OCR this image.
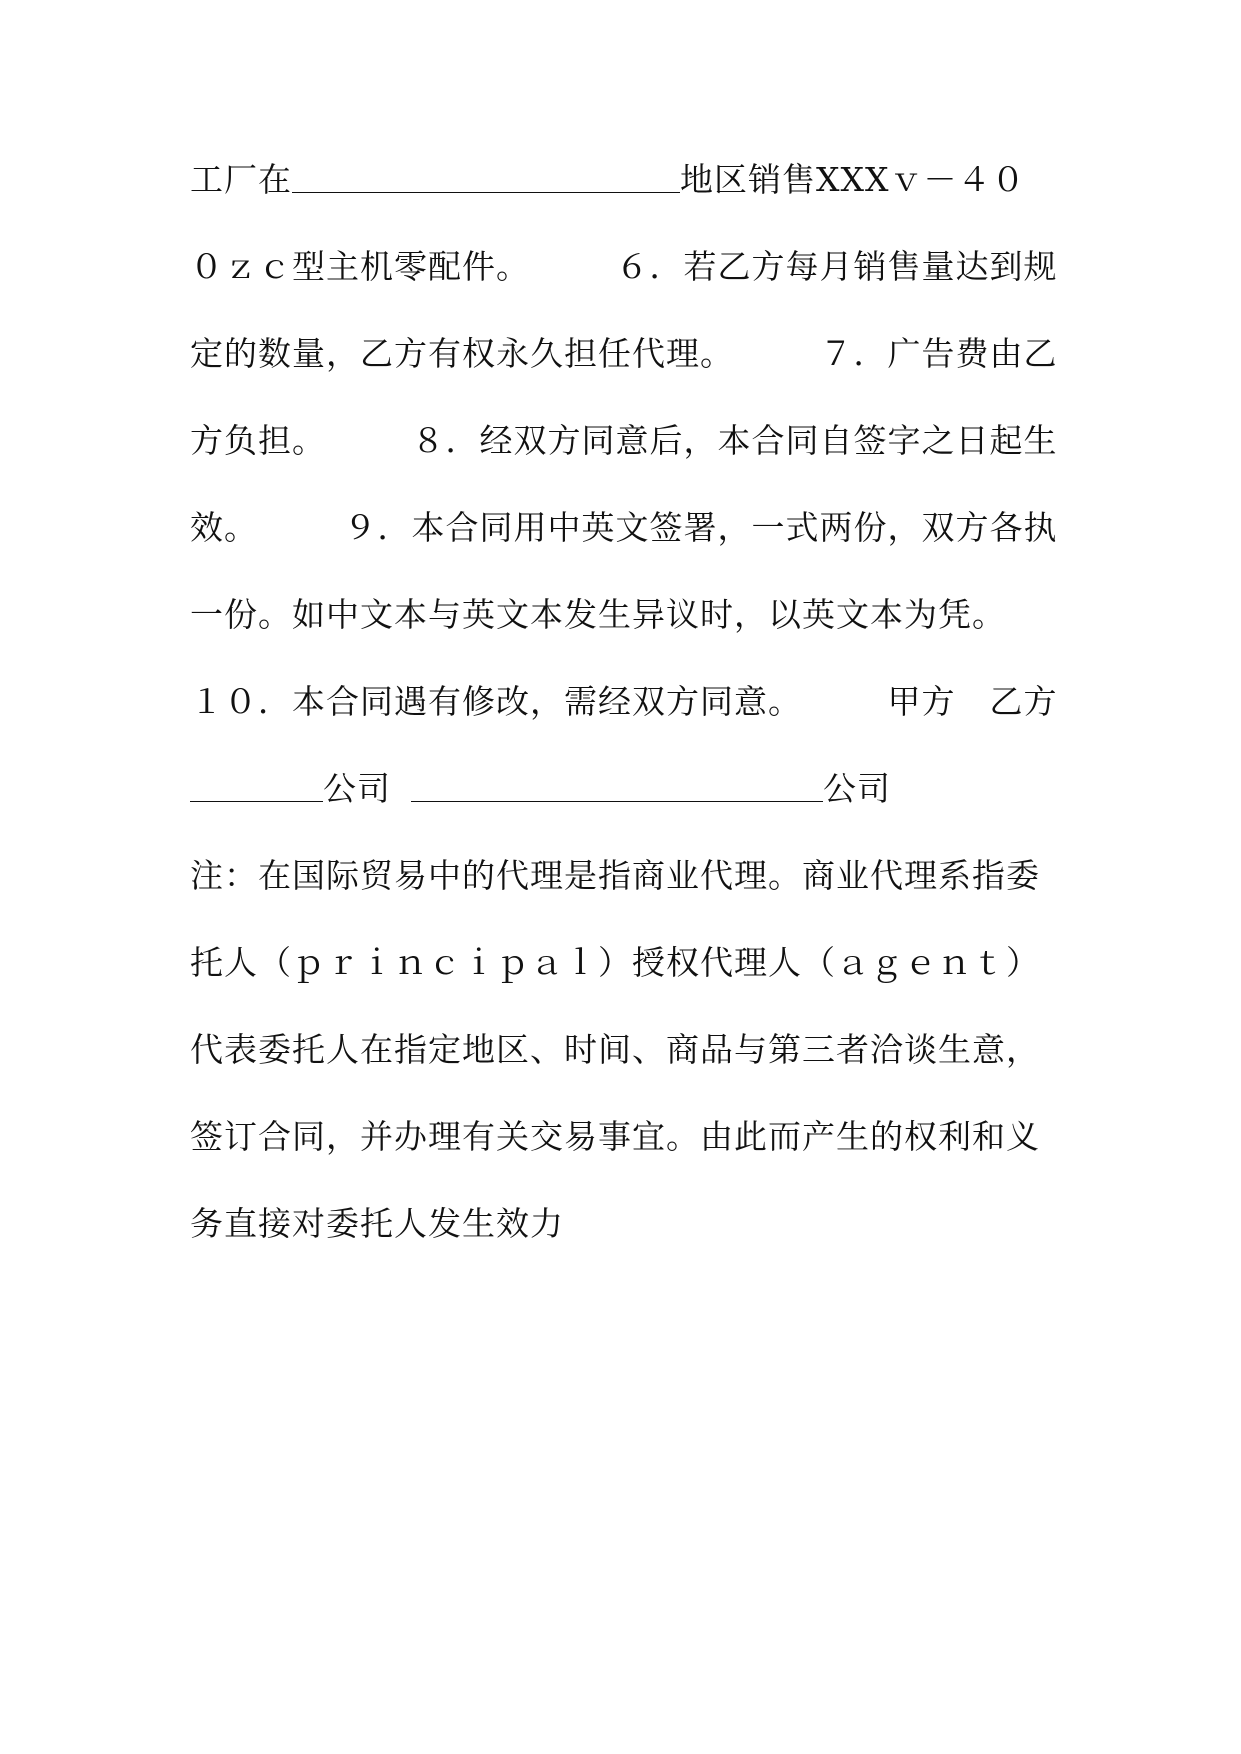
工厂在	地区销售XXXｖ－４０
０ｚｃ型主机零配件。　　　６．若乙方每月销售量达到规
定的数量，乙方有权永久担任代理。　　　７．广告费由乙
方负担。　　　８．经双方同意后，本合同自签字之日起生
效。　　　９．本合同用中英文签署，一式两份，双方各执
一份。如中文本与英文本发生异议时，以英文本为凭。
１０．本合同遇有修改，需经双方同意。　　　甲方　乙方
公司	公司
注：在国际贸易中的代理是指商业代理。商业代理系指委
托人（ｐｒｉｎｃｉｐａｌ）授权代理人（ａｇｅｎｔ）
代表委托人在指定地区、时间、商品与第三者洽谈生意，
签订合同，并办理有关交易事宜。由此而产生的权利和义
务直接对委托人发生效力
